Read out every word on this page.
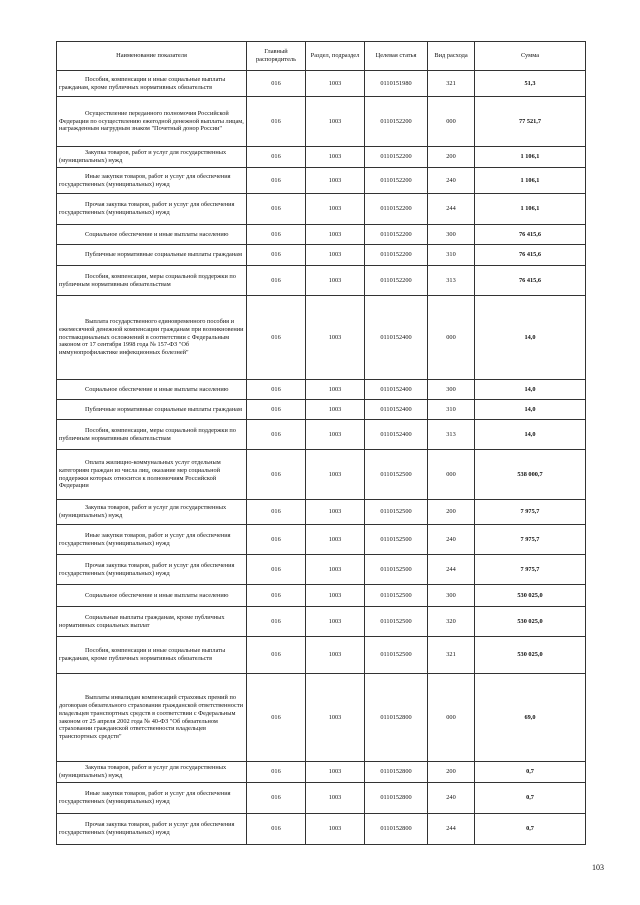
Наименование показателя	Главный распорядитель	Раздел, подраздел	Целевая статья	Вид расхода	Сумма

Пособия, компенсации и иные социальные выплаты гражданам, кроме публичных нормативных обязательств	016	1003	0110151980	321	51,3

Осуществление переданного полномочия Российской Федерации по осуществлению ежегодной денежной выплаты лицам, награжденным нагрудным знаком "Почетный донор России"	016	1003	0110152200	000	77 521,7

Закупка товаров, работ и услуг для государственных (муниципальных) нужд	016	1003	0110152200	200	1 106,1

Иные закупки товаров, работ и услуг для обеспечения государственных (муниципальных) нужд	016	1003	0110152200	240	1 106,1

Прочая закупка товаров, работ и услуг для обеспечения государственных (муниципальных) нужд	016	1003	0110152200	244	1 106,1

Социальное обеспечение и иные выплаты населению	016	1003	0110152200	300	76 415,6

Публичные нормативные социальные выплаты гражданам	016	1003	0110152200	310	76 415,6

Пособия, компенсации, меры социальной поддержки по публичным нормативным обязательствам	016	1003	0110152200	313	76 415,6

Выплата государственного единовременного пособия и ежемесячной денежной компенсации гражданам при возникновении поствакцинальных осложнений в соответствии с Федеральным законом от 17 сентября 1998 года № 157-ФЗ "Об иммунопрофилактике инфекционных болезней"	016	1003	0110152400	000	14,0

Социальное обеспечение и иные выплаты населению	016	1003	0110152400	300	14,0

Публичные нормативные социальные выплаты гражданам	016	1003	0110152400	310	14,0

Пособия, компенсации, меры социальной поддержки по публичным нормативным обязательствам	016	1003	0110152400	313	14,0

Оплата жилищно-коммунальных услуг отдельным категориям граждан из числа лиц, оказание мер социальной поддержки которых относится к полномочиям Российской Федерации	016	1003	0110152500	000	538 000,7

Закупка товаров, работ и услуг для государственных (муниципальных) нужд	016	1003	0110152500	200	7 975,7

Иные закупки товаров, работ и услуг для обеспечения государственных (муниципальных) нужд	016	1003	0110152500	240	7 975,7

Прочая закупка товаров, работ и услуг для обеспечения государственных (муниципальных) нужд	016	1003	0110152500	244	7 975,7

Социальное обеспечение и иные выплаты населению	016	1003	0110152500	300	530 025,0

Социальные выплаты гражданам, кроме публичных нормативных социальных выплат	016	1003	0110152500	320	530 025,0

Пособия, компенсации и иные социальные выплаты гражданам, кроме публичных нормативных обязательств	016	1003	0110152500	321	530 025,0

Выплаты инвалидам компенсаций страховых премий по договорам обязательного страхования гражданской ответственности владельцев транспортных средств в соответствии с Федеральным законом от 25 апреля 2002 года № 40-ФЗ "Об обязательном страховании гражданской ответственности владельцев транспортных средств"	016	1003	0110152800	000	69,0

Закупка товаров, работ и услуг для государственных (муниципальных) нужд	016	1003	0110152800	200	0,7

Иные закупки товаров, работ и услуг для обеспечения государственных (муниципальных) нужд	016	1003	0110152800	240	0,7

Прочая закупка товаров, работ и услуг для обеспечения государственных (муниципальных) нужд	016	1003	0110152800	244	0,7
103
